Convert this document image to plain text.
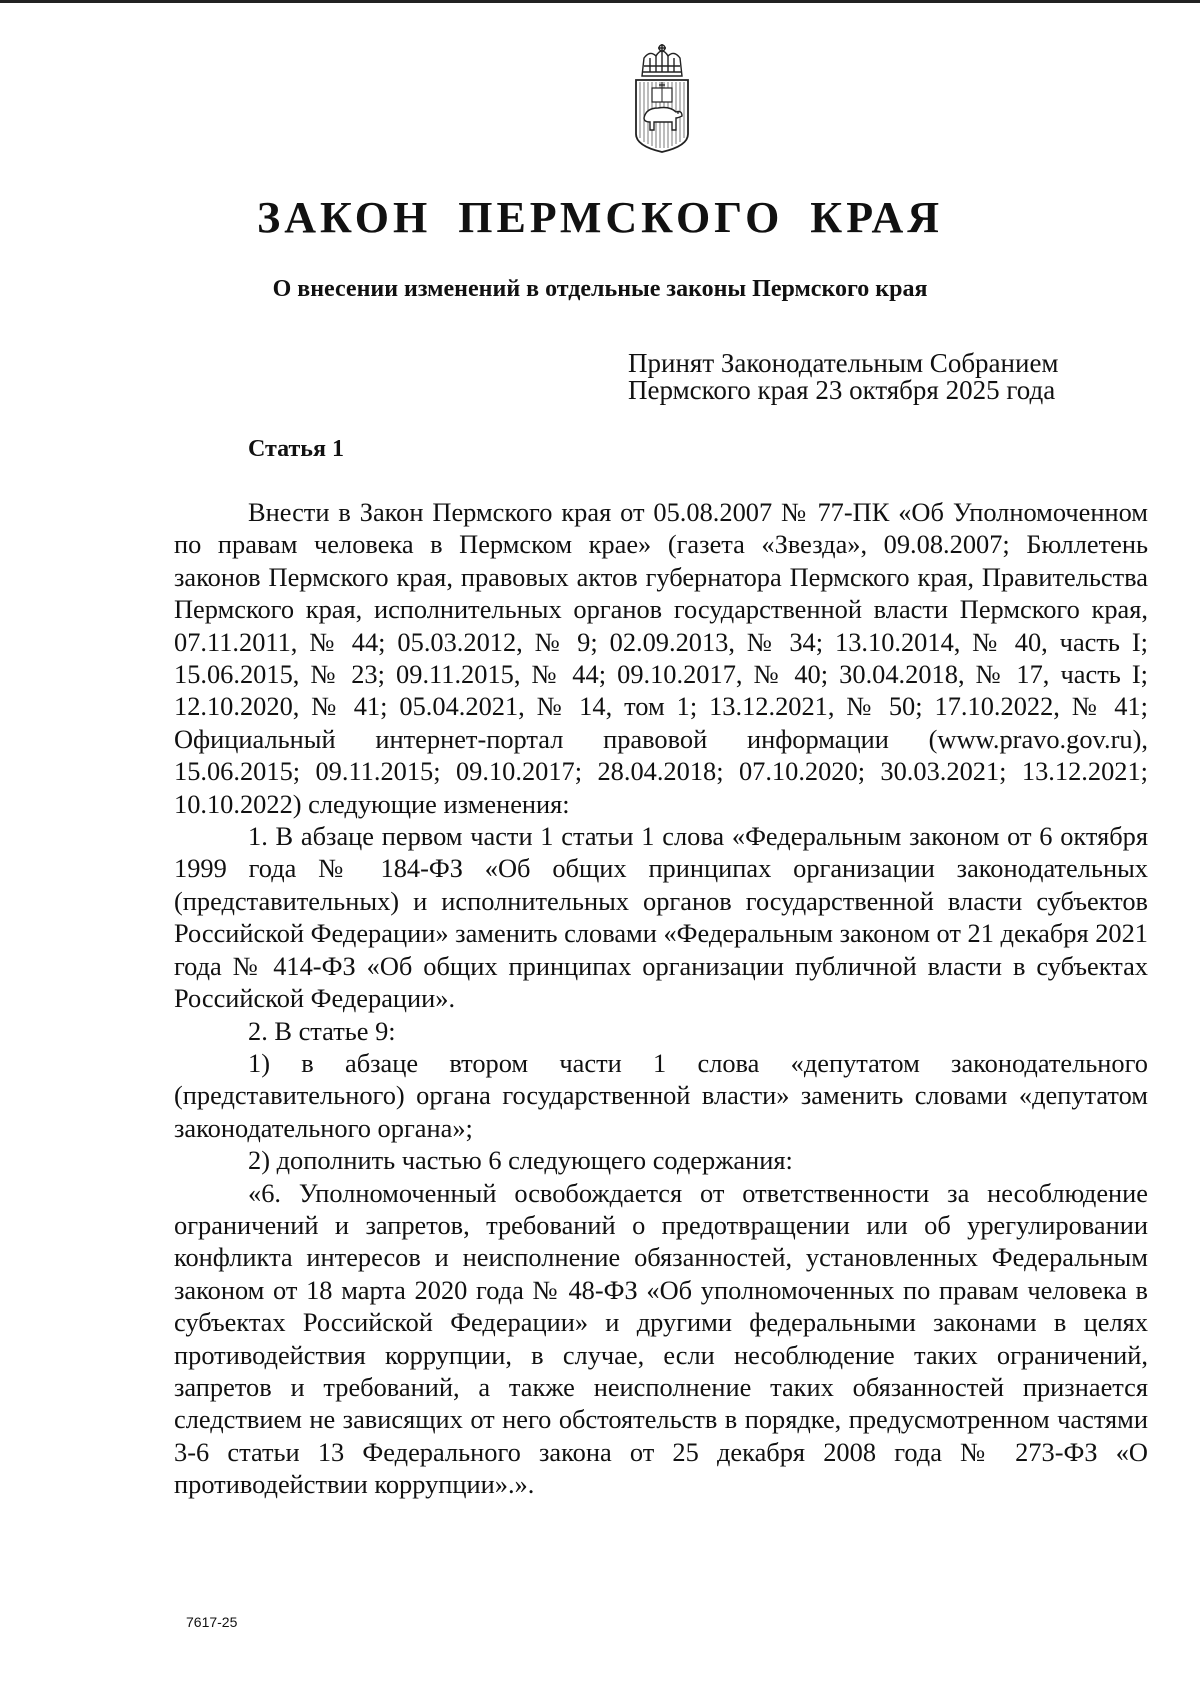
ЗАКОН ПЕРМСКОГО КРАЯ
О внесении изменений в отдельные законы Пермского края
Принят Законодательным Собранием
Пермского края 23 октября 2025 года
Статья 1

Внести в Закон Пермского края от 05.08.2007 № 77-ПК «Об Уполномоченном по правам человека в Пермском крае» (газета «Звезда», 09.08.2007; Бюллетень законов Пермского края, правовых актов губернатора Пермского края, Правительства Пермского края, исполнительных органов государственной власти Пермского края, 07.11.2011, № 44; 05.03.2012, № 9; 02.09.2013, № 34; 13.10.2014, № 40, часть I; 15.06.2015, № 23; 09.11.2015, № 44; 09.10.2017, № 40; 30.04.2018, № 17, часть I; 12.10.2020, № 41; 05.04.2021, № 14, том 1; 13.12.2021, № 50; 17.10.2022, № 41; Официальный интернет-портал правовой информации (www.pravo.gov.ru), 15.06.2015; 09.11.2015; 09.10.2017; 28.04.2018; 07.10.2020; 30.03.2021; 13.12.2021; 10.10.2022) следующие изменения:

1. В абзаце первом части 1 статьи 1 слова «Федеральным законом от 6 октября 1999 года № 184-ФЗ «Об общих принципах организации законодательных (представительных) и исполнительных органов государственной власти субъектов Российской Федерации» заменить словами «Федеральным законом от 21 декабря 2021 года № 414-ФЗ «Об общих принципах организации публичной власти в субъектах Российской Федерации».

2. В статье 9:

1) в абзаце втором части 1 слова «депутатом законодательного (представительного) органа государственной власти» заменить словами «депутатом законодательного органа»;

2) дополнить частью 6 следующего содержания:

«6. Уполномоченный освобождается от ответственности за несоблюдение ограничений и запретов, требований о предотвращении или об урегулировании конфликта интересов и неисполнение обязанностей, установленных Федеральным законом от 18 марта 2020 года № 48-ФЗ «Об уполномоченных по правам человека в субъектах Российской Федерации» и другими федеральными законами в целях противодействия коррупции, в случае, если несоблюдение таких ограничений, запретов и требований, а также неисполнение таких обязанностей признается следствием не зависящих от него обстоятельств в порядке, предусмотренном частями 3-6 статьи 13 Федерального закона от 25 декабря 2008 года № 273-ФЗ «О противодействии коррупции».».

7617-25
